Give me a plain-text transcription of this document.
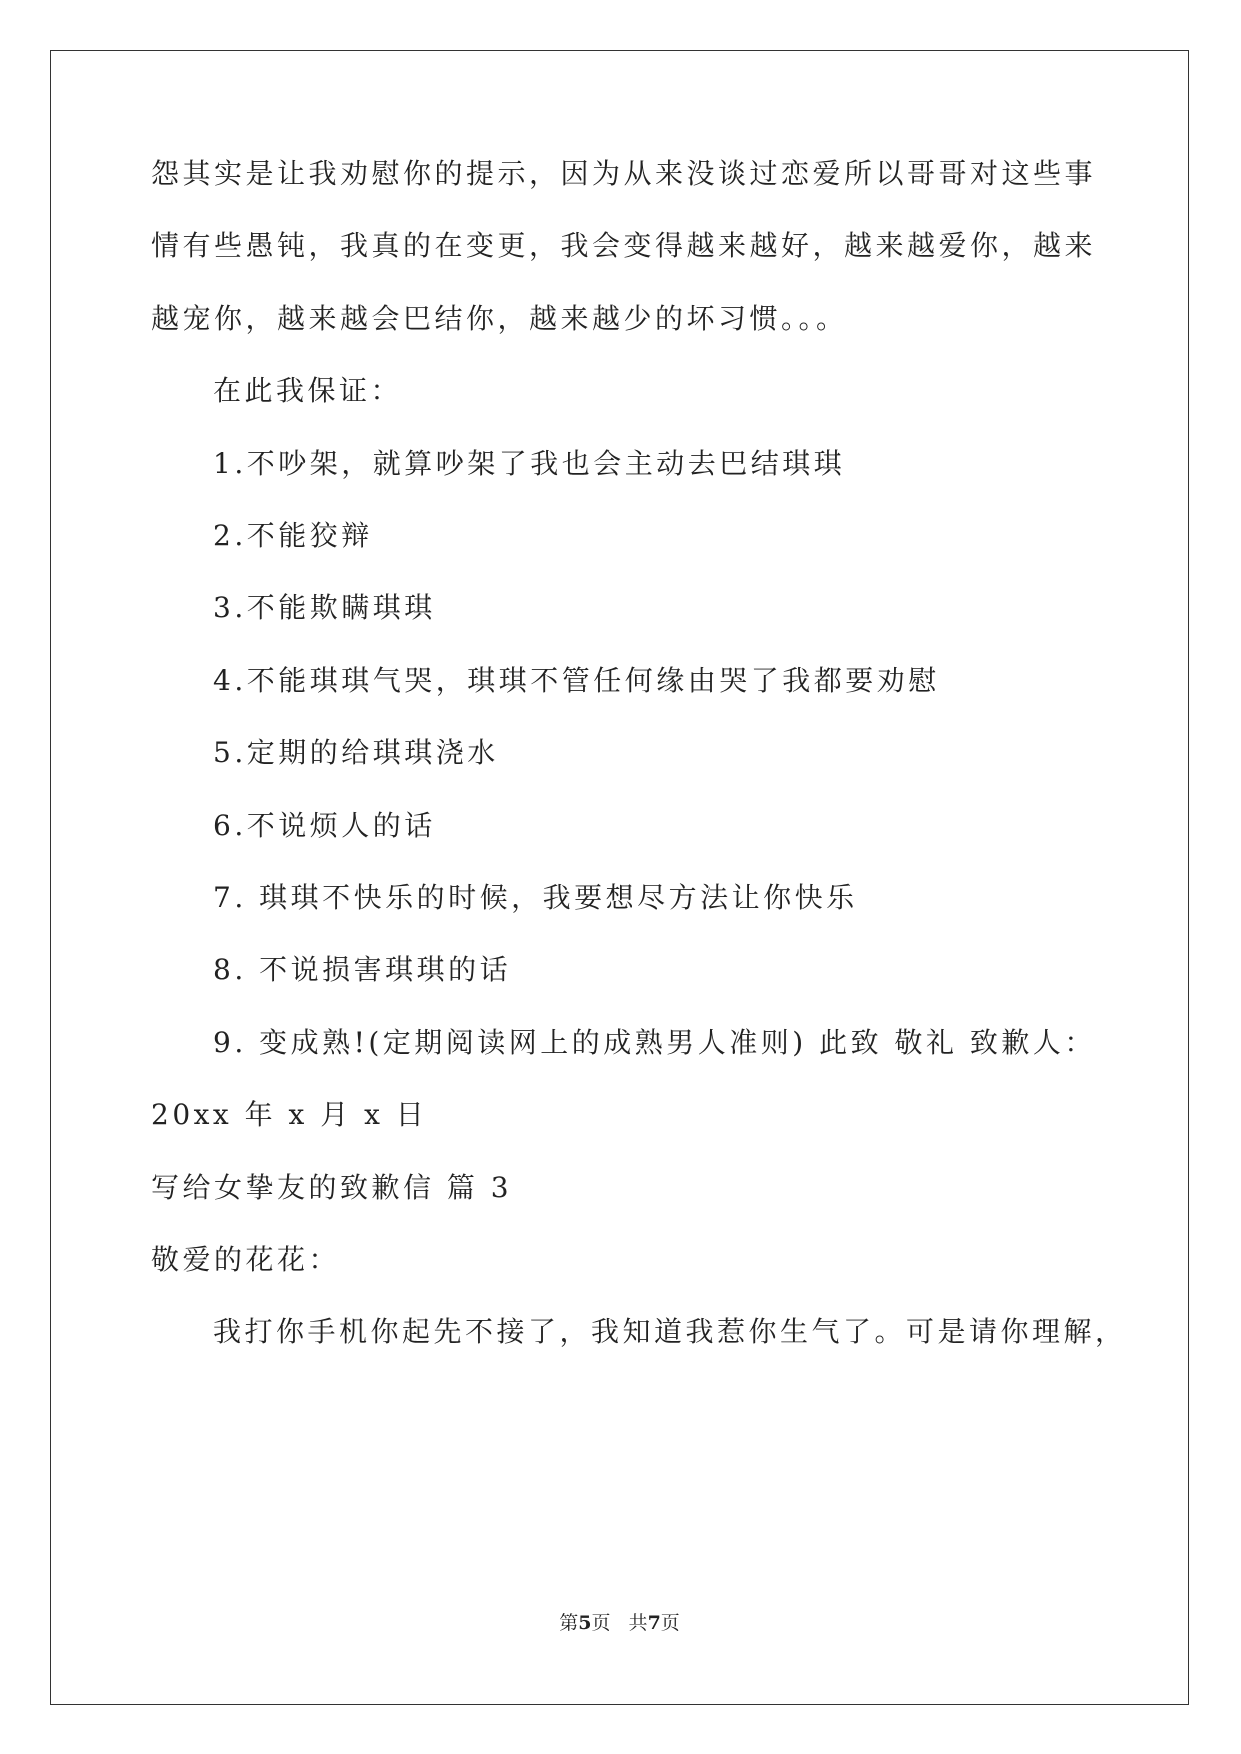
怨其实是让我劝慰你的提示，因为从来没谈过恋爱所以哥哥对这些事
情有些愚钝，我真的在变更，我会变得越来越好，越来越爱你，越来
越宠你，越来越会巴结你，越来越少的坏习惯。。。
在此我保证：
1.不吵架，就算吵架了我也会主动去巴结琪琪
2.不能狡辩
3.不能欺瞒琪琪
4.不能琪琪气哭，琪琪不管任何缘由哭了我都要劝慰
5.定期的给琪琪浇水
6.不说烦人的话
7. 琪琪不快乐的时候，我要想尽方法让你快乐
8. 不说损害琪琪的话
9. 变成熟!(定期阅读网上的成熟男人准则) 此致 敬礼 致歉人：
20xx 年 x 月 x 日
写给女挚友的致歉信 篇 3
敬爱的花花：
我打你手机你起先不接了，我知道我惹你生气了。可是请你理解，
第5页   共7页
